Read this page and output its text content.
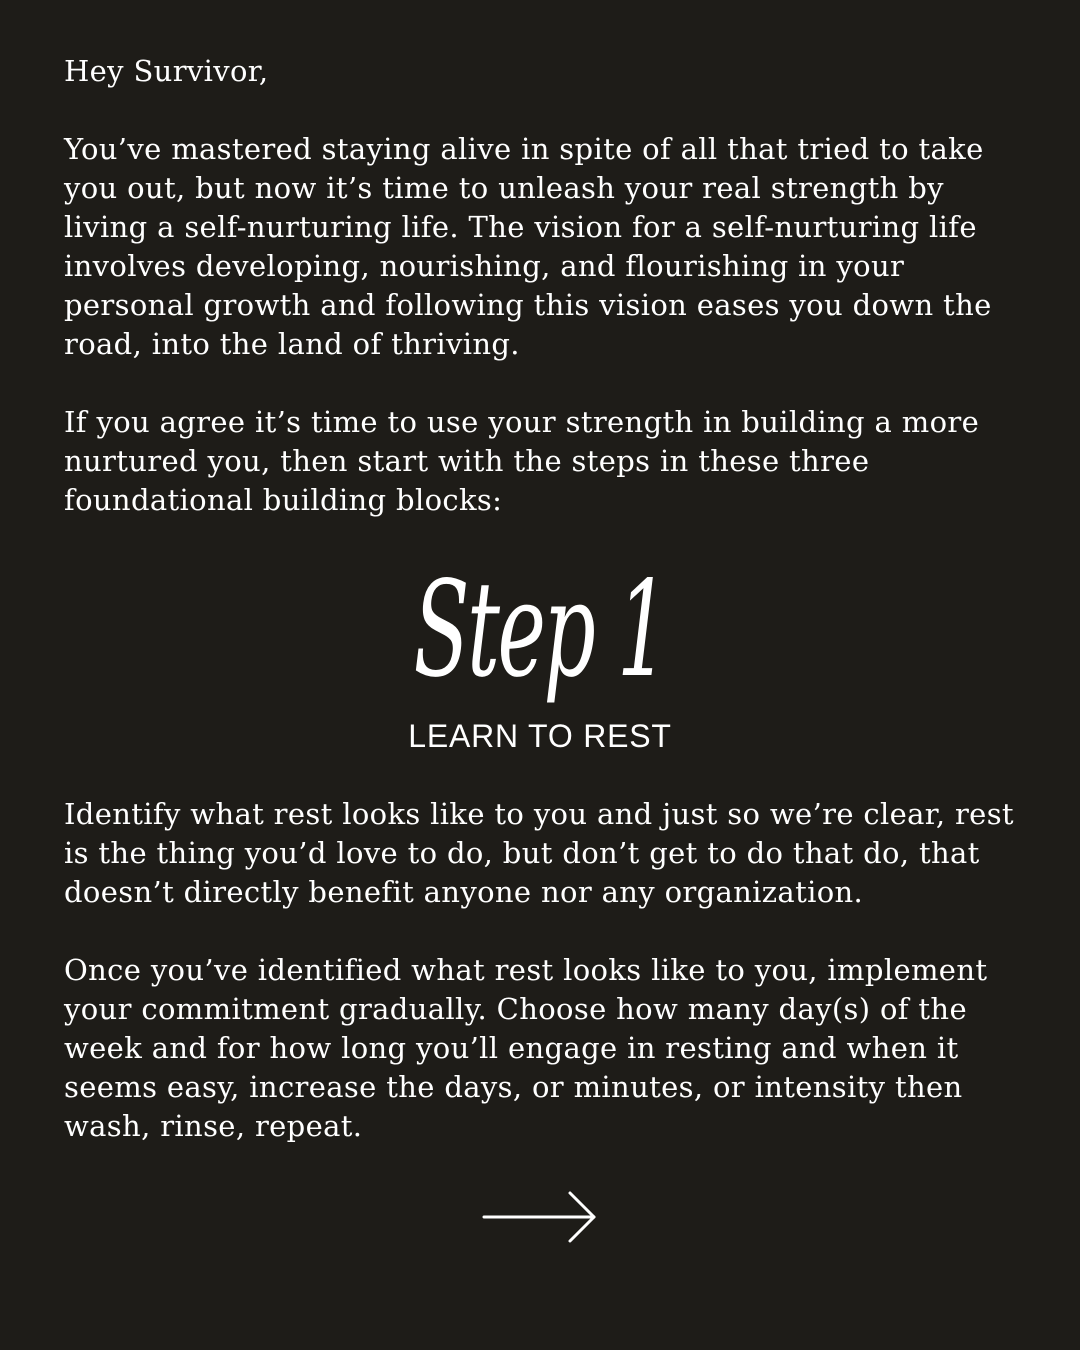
Hey Survivor,

You’ve mastered staying alive in spite of all that tried to take you out, but now it’s time to unleash your real strength by living a self-nurturing life. The vision for a self-nurturing life involves developing, nourishing, and flourishing in your personal growth and following this vision eases you down the road, into the land of thriving.

If you agree it’s time to use your strength in building a more nurtured you, then start with the steps in these three foundational building blocks:

Step 1
LEARN TO REST

Identify what rest looks like to you and just so we’re clear, rest is the thing you’d love to do, but don’t get to do that do, that doesn’t directly benefit anyone nor any organization.

Once you’ve identified what rest looks like to you, implement your commitment gradually. Choose how many day(s) of the week and for how long you’ll engage in resting and when it seems easy, increase the days, or minutes, or intensity then wash, rinse, repeat.
